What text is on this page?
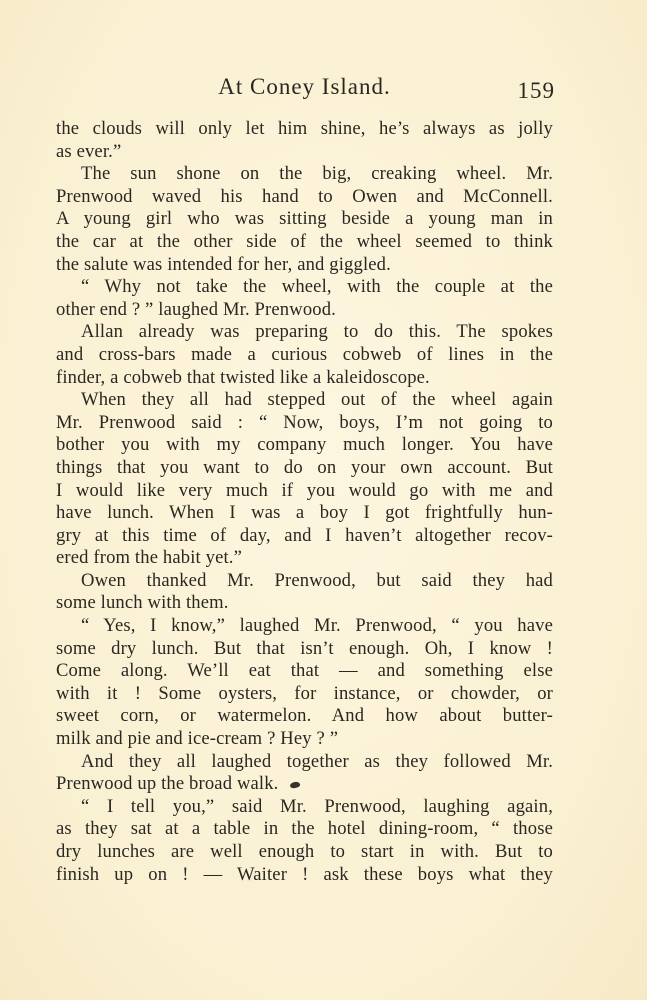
At Coney Island.	159
the clouds will only let him shine, he’s always as jolly
as ever.”
The sun shone on the big, creaking wheel. Mr.
Prenwood waved his hand to Owen and McConnell.
A young girl who was sitting beside a young man in
the car at the other side of the wheel seemed to think
the salute was intended for her, and giggled.
“ Why not take the wheel, with the couple at the
other end ? ” laughed Mr. Prenwood.
Allan already was preparing to do this. The spokes
and cross-bars made a curious cobweb of lines in the
finder, a cobweb that twisted like a kaleidoscope.
When they all had stepped out of the wheel again
Mr. Prenwood said : “ Now, boys, I’m not going to
bother you with my company much longer. You have
things that you want to do on your own account. But
I would like very much if you would go with me and
have lunch. When I was a boy I got frightfully hun-
gry at this time of day, and I haven’t altogether recov-
ered from the habit yet.”
Owen thanked Mr. Prenwood, but said they had
some lunch with them.
“ Yes, I know,” laughed Mr. Prenwood, “ you have
some dry lunch. But that isn’t enough. Oh, I know !
Come along. We’ll eat that — and something else
with it ! Some oysters, for instance, or chowder, or
sweet corn, or watermelon. And how about butter-
milk and pie and ice-cream ? Hey ? ”
And they all laughed together as they followed Mr.
Prenwood up the broad walk.
“ I tell you,” said Mr. Prenwood, laughing again,
as they sat at a table in the hotel dining-room, “ those
dry lunches are well enough to start in with. But to
finish up on ! — Waiter ! ask these boys what they
